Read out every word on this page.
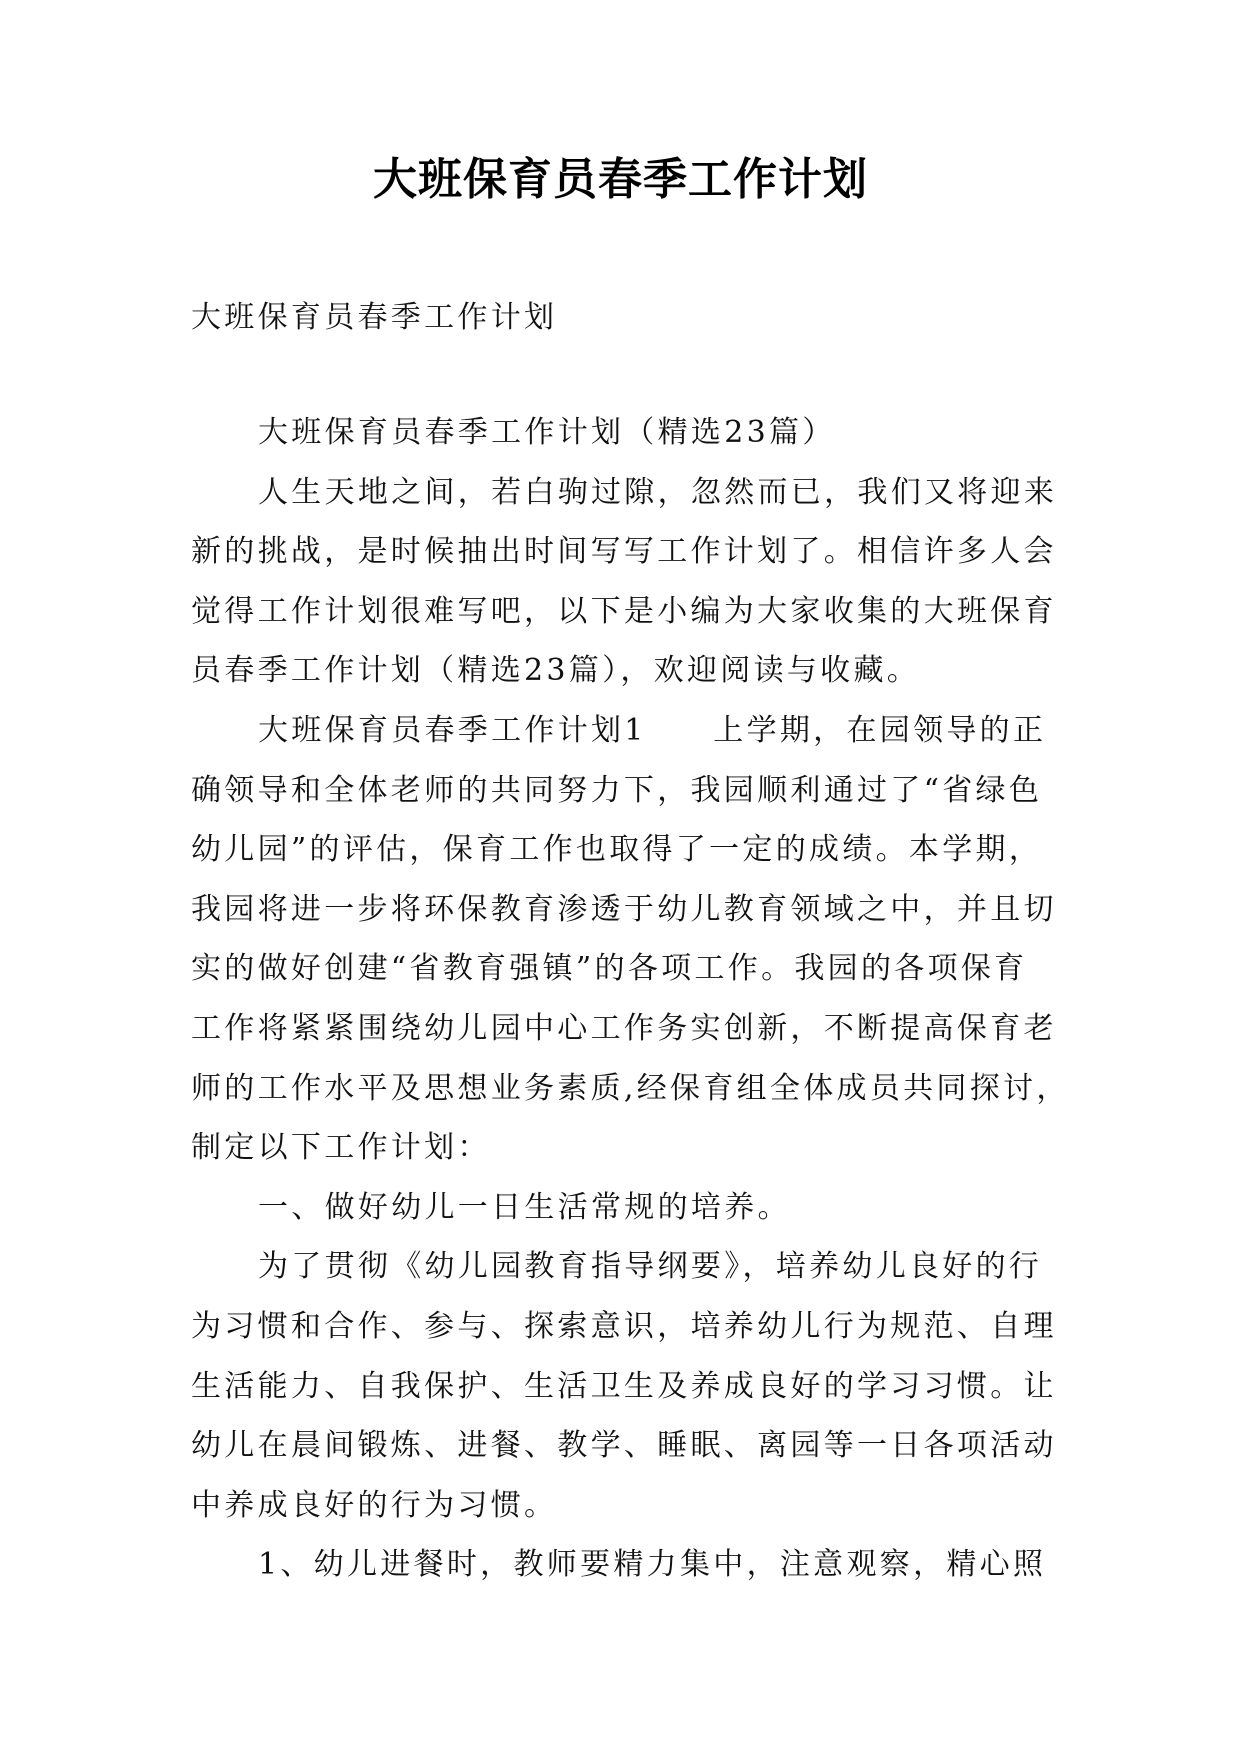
大班保育员春季工作计划
大班保育员春季工作计划
大班保育员春季工作计划（精选23篇）
人生天地之间，若白驹过隙，忽然而已，我们又将迎来
新的挑战，是时候抽出时间写写工作计划了。相信许多人会
觉得工作计划很难写吧，以下是小编为大家收集的大班保育
员春季工作计划（精选23篇），欢迎阅读与收藏。
大班保育员春季工作计划1　　上学期，在园领导的正
确领导和全体老师的共同努力下，我园顺利通过了“省绿色
幼儿园”的评估，保育工作也取得了一定的成绩。本学期，
我园将进一步将环保教育渗透于幼儿教育领域之中，并且切
实的做好创建“省教育强镇”的各项工作。我园的各项保育
工作将紧紧围绕幼儿园中心工作务实创新，不断提高保育老
师的工作水平及思想业务素质,经保育组全体成员共同探讨，
制定以下工作计划：
一、做好幼儿一日生活常规的培养。
为了贯彻《幼儿园教育指导纲要》，培养幼儿良好的行
为习惯和合作、参与、探索意识，培养幼儿行为规范、自理
生活能力、自我保护、生活卫生及养成良好的学习习惯。让
幼儿在晨间锻炼、进餐、教学、睡眠、离园等一日各项活动
中养成良好的行为习惯。
1、幼儿进餐时，教师要精力集中，注意观察，精心照
